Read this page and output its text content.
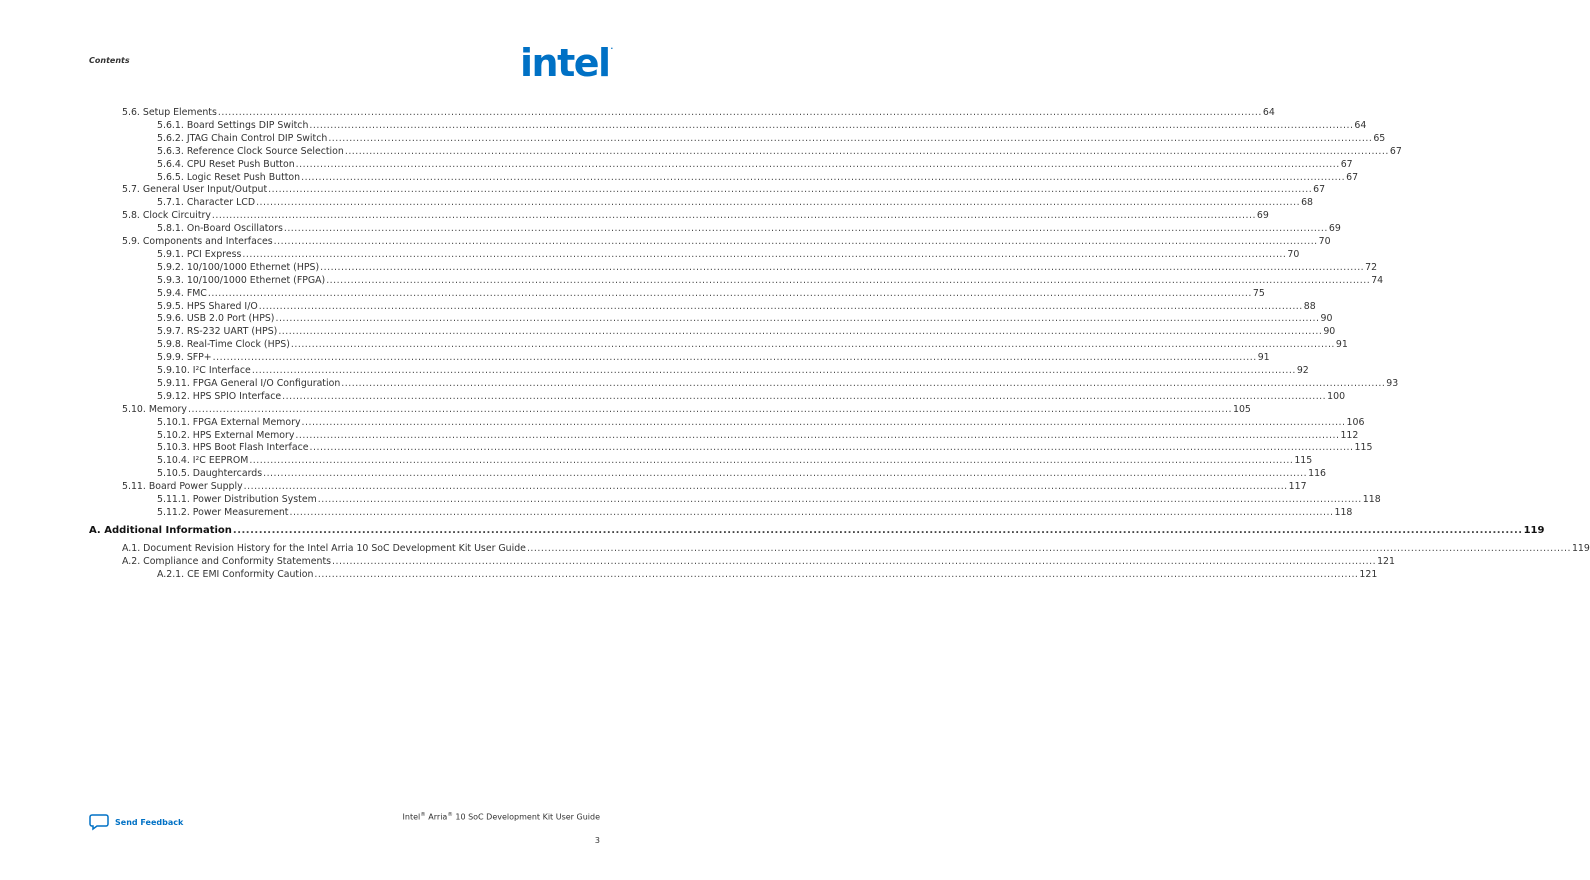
Contents	intel.
5.6. Setup Elements ............................................................................................................................................................................................................................................................................................................ 64
5.6.1. Board Settings DIP Switch ............................................................................................................................................................................................................................................................................................................ 64
5.6.2. JTAG Chain Control DIP Switch ............................................................................................................................................................................................................................................................................................................ 65
5.6.3. Reference Clock Source Selection ............................................................................................................................................................................................................................................................................................................ 67
5.6.4. CPU Reset Push Button ............................................................................................................................................................................................................................................................................................................ 67
5.6.5. Logic Reset Push Button ............................................................................................................................................................................................................................................................................................................ 67
5.7. General User Input/Output ............................................................................................................................................................................................................................................................................................................ 67
5.7.1. Character LCD ............................................................................................................................................................................................................................................................................................................ 68
5.8. Clock Circuitry ............................................................................................................................................................................................................................................................................................................ 69
5.8.1. On-Board Oscillators ............................................................................................................................................................................................................................................................................................................ 69
5.9. Components and Interfaces ............................................................................................................................................................................................................................................................................................................ 70
5.9.1. PCI Express ............................................................................................................................................................................................................................................................................................................ 70
5.9.2. 10/100/1000 Ethernet (HPS) ............................................................................................................................................................................................................................................................................................................ 72
5.9.3. 10/100/1000 Ethernet (FPGA) ............................................................................................................................................................................................................................................................................................................ 74
5.9.4. FMC ............................................................................................................................................................................................................................................................................................................ 75
5.9.5. HPS Shared I/O ............................................................................................................................................................................................................................................................................................................ 88
5.9.6. USB 2.0 Port (HPS) ............................................................................................................................................................................................................................................................................................................ 90
5.9.7. RS-232 UART (HPS) ............................................................................................................................................................................................................................................................................................................ 90
5.9.8. Real-Time Clock (HPS) ............................................................................................................................................................................................................................................................................................................ 91
5.9.9. SFP+ ............................................................................................................................................................................................................................................................................................................ 91
5.9.10. I²C Interface ............................................................................................................................................................................................................................................................................................................ 92
5.9.11. FPGA General I/O Configuration ............................................................................................................................................................................................................................................................................................................ 93
5.9.12. HPS SPIO Interface ............................................................................................................................................................................................................................................................................................................ 100
5.10. Memory ............................................................................................................................................................................................................................................................................................................ 105
5.10.1. FPGA External Memory ............................................................................................................................................................................................................................................................................................................ 106
5.10.2. HPS External Memory ............................................................................................................................................................................................................................................................................................................ 112
5.10.3. HPS Boot Flash Interface ............................................................................................................................................................................................................................................................................................................ 115
5.10.4. I²C EEPROM ............................................................................................................................................................................................................................................................................................................ 115
5.10.5. Daughtercards ............................................................................................................................................................................................................................................................................................................ 116
5.11. Board Power Supply ............................................................................................................................................................................................................................................................................................................ 117
5.11.1. Power Distribution System ............................................................................................................................................................................................................................................................................................................ 118
5.11.2. Power Measurement ............................................................................................................................................................................................................................................................................................................ 118
A. Additional Information ............................................................................................................................................................................................................................................................................................................ 119
A.1. Document Revision History for the Intel Arria 10 SoC Development Kit User Guide ............................................................................................................................................................................................................................................................................................................ 119
A.2. Compliance and Conformity Statements ............................................................................................................................................................................................................................................................................................................ 121
A.2.1. CE EMI Conformity Caution ............................................................................................................................................................................................................................................................................................................ 121
Send Feedback
Intel® Arria® 10 SoC Development Kit User Guide
3
